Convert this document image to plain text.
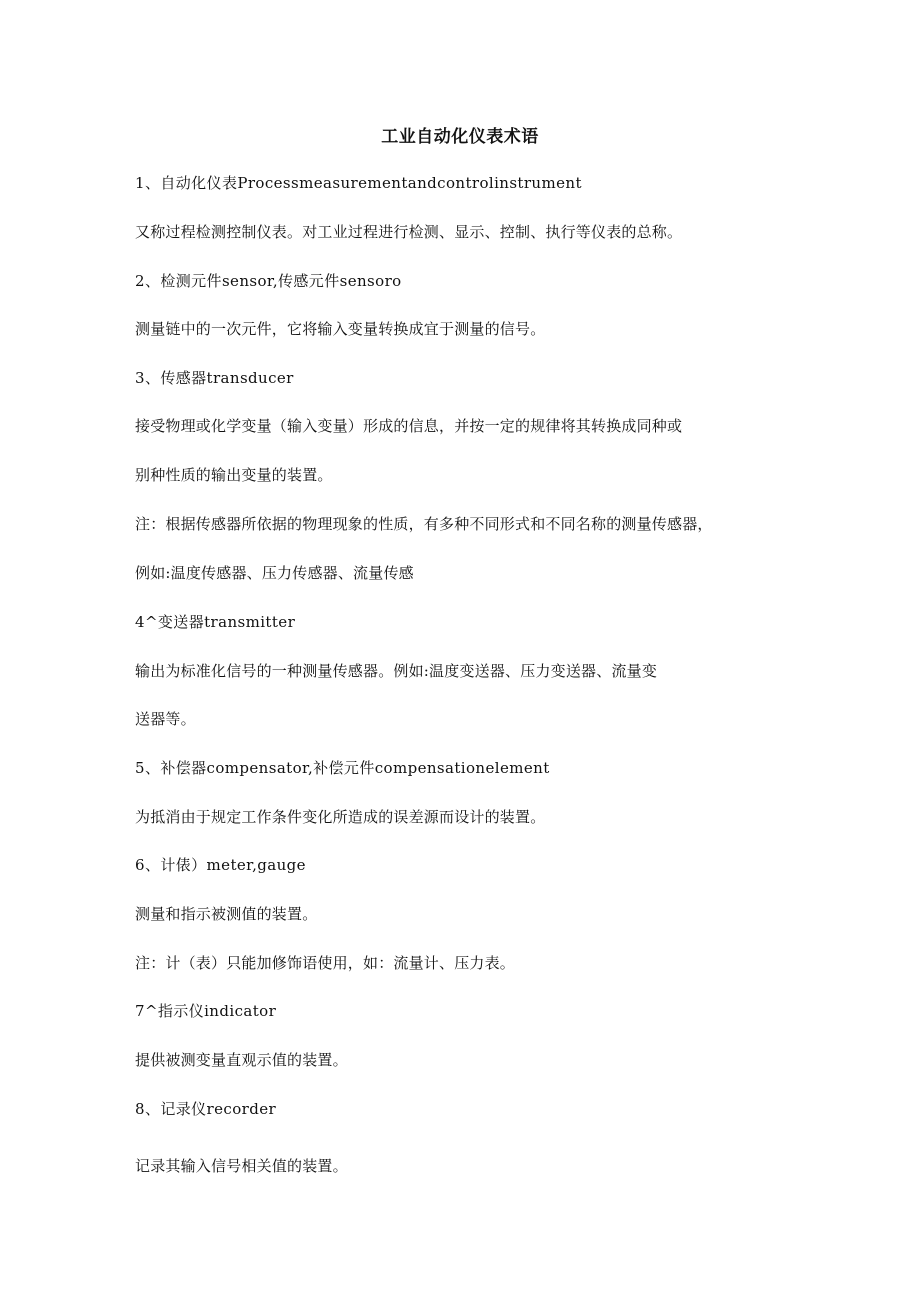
工业自动化仪表术语
1、自动化仪表Processmeasurementandcontrolinstrument
又称过程检测控制仪表。对工业过程进行检测、显示、控制、执行等仪表的总称。
2、检测元件sensor,传感元件sensoro
测量链中的一次元件，它将输入变量转换成宜于测量的信号。
3、传感器transducer
接受物理或化学变量（输入变量）形成的信息，并按一定的规律将其转换成同种或
别种性质的输出变量的装置。
注：根据传感器所依据的物理现象的性质，有多种不同形式和不同名称的测量传感器，
例如:温度传感器、压力传感器、流量传感
4^变送器transmitter
输出为标准化信号的一种测量传感器。例如:温度变送器、压力变送器、流量变
送器等。
5、补偿器compensator,补偿元件compensationelement
为抵消由于规定工作条件变化所造成的误差源而设计的装置。
6、计俵）meter,gauge
测量和指示被测值的装置。
注：计（表）只能加修饰语使用，如：流量计、压力表。
7^指示仪indicator
提供被测变量直观示值的装置。
8、记录仪recorder
记录其输入信号相关值的装置。
